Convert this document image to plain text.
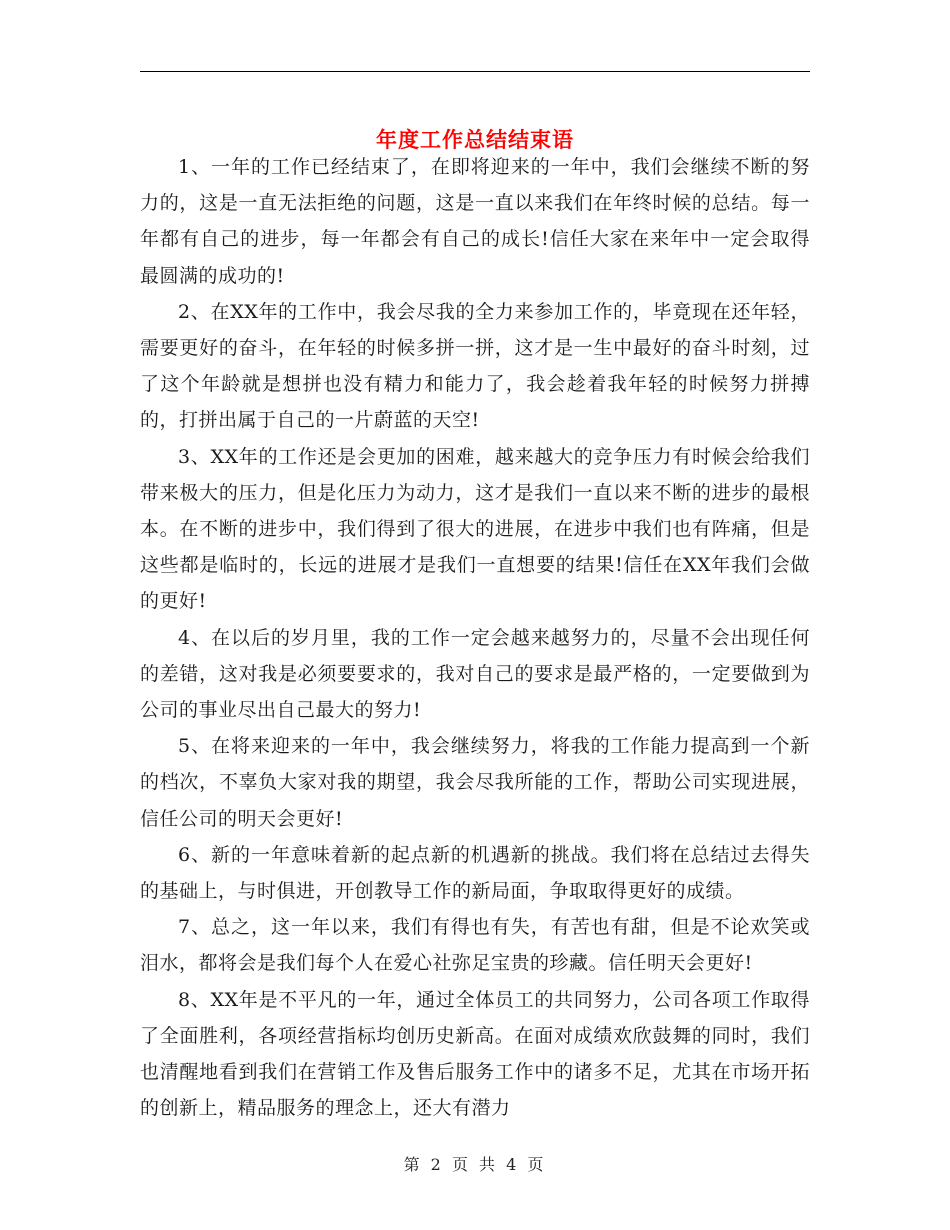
年度工作总结结束语

1、一年的工作已经结束了，在即将迎来的一年中，我们会继续不断的努力的，这是一直无法拒绝的问题，这是一直以来我们在年终时候的总结。每一年都有自己的进步，每一年都会有自己的成长!信任大家在来年中一定会取得最圆满的成功的!

2、在XX年的工作中，我会尽我的全力来参加工作的，毕竟现在还年轻，需要更好的奋斗，在年轻的时候多拼一拼，这才是一生中最好的奋斗时刻，过了这个年龄就是想拼也没有精力和能力了，我会趁着我年轻的时候努力拼搏的，打拼出属于自己的一片蔚蓝的天空!

3、XX年的工作还是会更加的困难，越来越大的竞争压力有时候会给我们带来极大的压力，但是化压力为动力，这才是我们一直以来不断的进步的最根本。在不断的进步中，我们得到了很大的进展，在进步中我们也有阵痛，但是这些都是临时的，长远的进展才是我们一直想要的结果!信任在XX年我们会做的更好!

4、在以后的岁月里，我的工作一定会越来越努力的，尽量不会出现任何的差错，这对我是必须要要求的，我对自己的要求是最严格的，一定要做到为公司的事业尽出自己最大的努力!

5、在将来迎来的一年中，我会继续努力，将我的工作能力提高到一个新的档次，不辜负大家对我的期望，我会尽我所能的工作，帮助公司实现进展，信任公司的明天会更好!

6、新的一年意味着新的起点新的机遇新的挑战。我们将在总结过去得失的基础上，与时俱进，开创教导工作的新局面，争取取得更好的成绩。

7、总之，这一年以来，我们有得也有失，有苦也有甜，但是不论欢笑或泪水，都将会是我们每个人在爱心社弥足宝贵的珍藏。信任明天会更好!

8、XX年是不平凡的一年，通过全体员工的共同努力，公司各项工作取得了全面胜利，各项经营指标均创历史新高。在面对成绩欢欣鼓舞的同时，我们也清醒地看到我们在营销工作及售后服务工作中的诸多不足，尤其在市场开拓的创新上，精品服务的理念上，还大有潜力

第 2 页 共 4 页
